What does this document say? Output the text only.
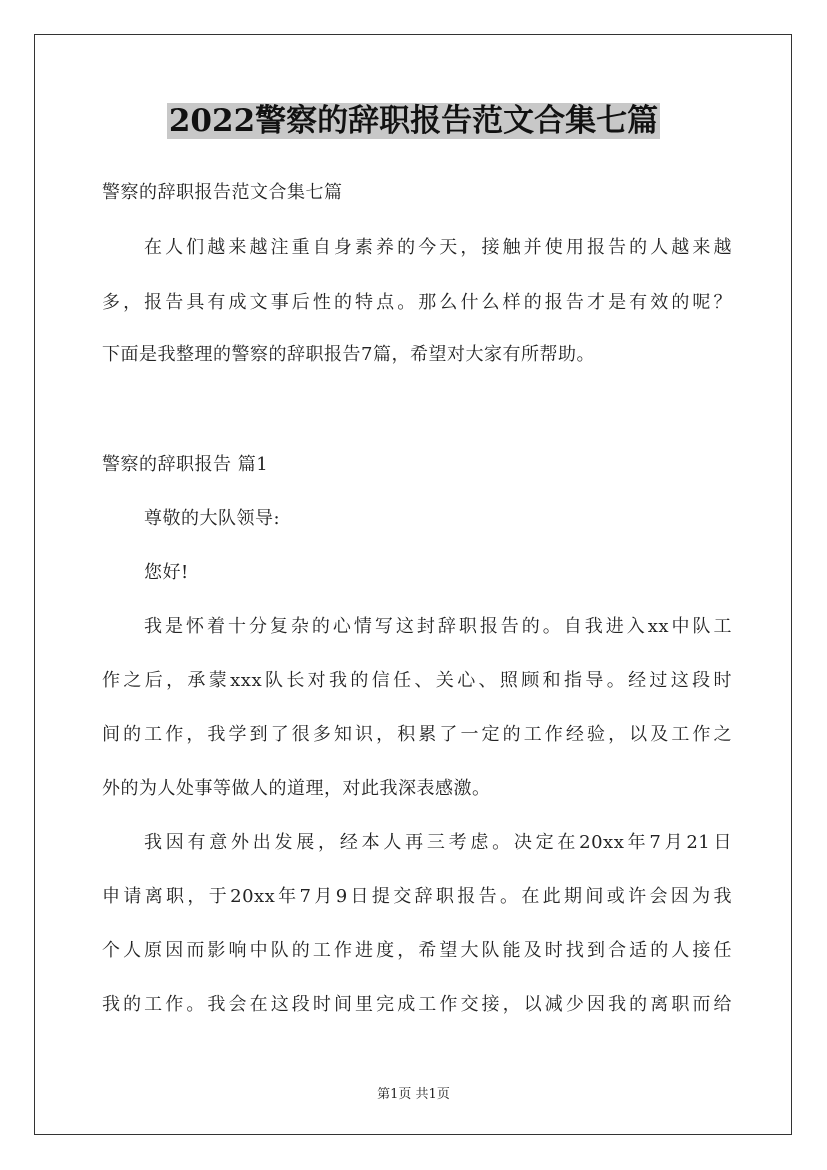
2022警察的辞职报告范文合集七篇

警察的辞职报告范文合集七篇

在人们越来越注重自身素养的今天，接触并使用报告的人越来越

多，报告具有成文事后性的特点。那么什么样的报告才是有效的呢？

下面是我整理的警察的辞职报告7篇，希望对大家有所帮助。

警察的辞职报告 篇1

尊敬的大队领导:

您好!

我是怀着十分复杂的心情写这封辞职报告的。自我进入xx中队工

作之后，承蒙xxx队长对我的信任、关心、照顾和指导。经过这段时

间的工作，我学到了很多知识，积累了一定的工作经验，以及工作之

外的为人处事等做人的道理，对此我深表感激。

我因有意外出发展，经本人再三考虑。决定在20xx年7月21日

申请离职，于20xx年7月9日提交辞职报告。在此期间或许会因为我

个人原因而影响中队的工作进度，希望大队能及时找到合适的人接任

我的工作。我会在这段时间里完成工作交接，以减少因我的离职而给

第1页 共1页
